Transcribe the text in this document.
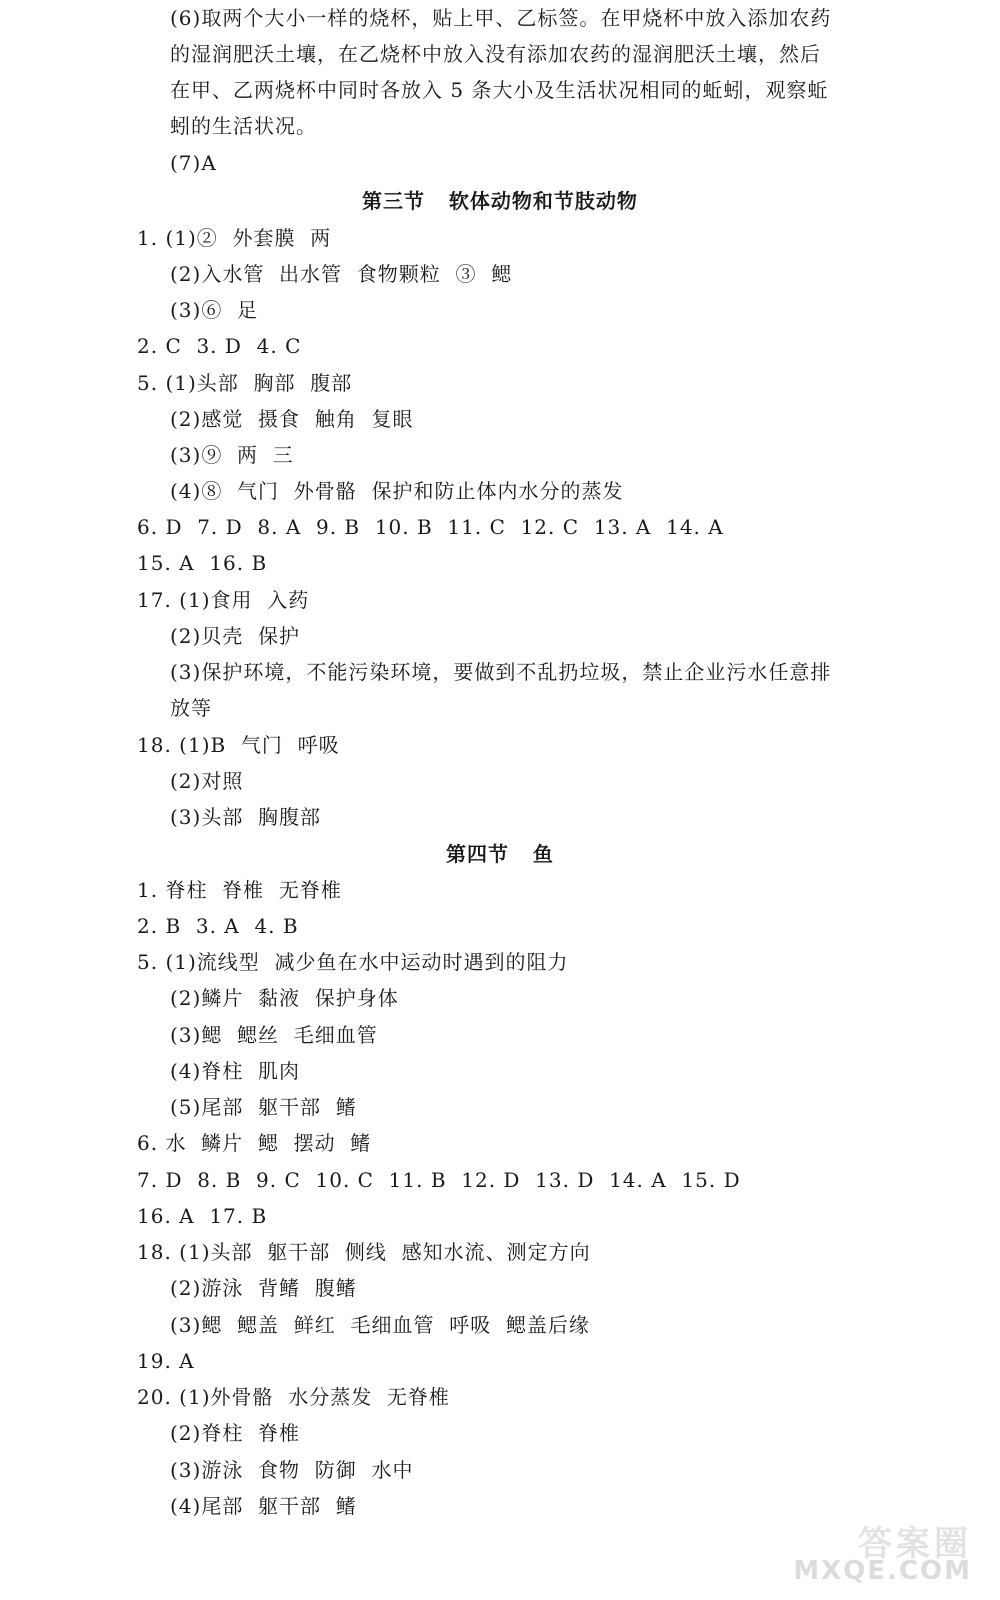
(6)取两个大小一样的烧杯，贴上甲、乙标签。在甲烧杯中放入添加农药
的湿润肥沃土壤，在乙烧杯中放入没有添加农药的湿润肥沃土壤，然后
在甲、乙两烧杯中同时各放入 5 条大小及生活状况相同的蚯蚓，观察蚯
蚓的生活状况。
(7)A
第三节   软体动物和节肢动物
1. (1)②  外套膜  两
(2)入水管  出水管  食物颗粒  ③  鳃
(3)⑥  足
2. C  3. D  4. C
5. (1)头部  胸部  腹部
(2)感觉  摄食  触角  复眼
(3)⑨  两  三
(4)⑧  气门  外骨骼  保护和防止体内水分的蒸发
6. D  7. D  8. A  9. B  10. B  11. C  12. C  13. A  14. A
15. A  16. B
17. (1)食用  入药
(2)贝壳  保护
(3)保护环境，不能污染环境，要做到不乱扔垃圾，禁止企业污水任意排
放等
18. (1)B  气门  呼吸
(2)对照
(3)头部  胸腹部
第四节   鱼
1. 脊柱  脊椎  无脊椎
2. B  3. A  4. B
5. (1)流线型  减少鱼在水中运动时遇到的阻力
(2)鳞片  黏液  保护身体
(3)鳃  鳃丝  毛细血管
(4)脊柱  肌肉
(5)尾部  躯干部  鳍
6. 水  鳞片  鳃  摆动  鳍
7. D  8. B  9. C  10. C  11. B  12. D  13. D  14. A  15. D
16. A  17. B
18. (1)头部  躯干部  侧线  感知水流、测定方向
(2)游泳  背鳍  腹鳍
(3)鳃  鳃盖  鲜红  毛细血管  呼吸  鳃盖后缘
19. A
20. (1)外骨骼  水分蒸发  无脊椎
(2)脊柱  脊椎
(3)游泳  食物  防御  水中
(4)尾部  躯干部  鳍
答案圈
MXQE.COM
